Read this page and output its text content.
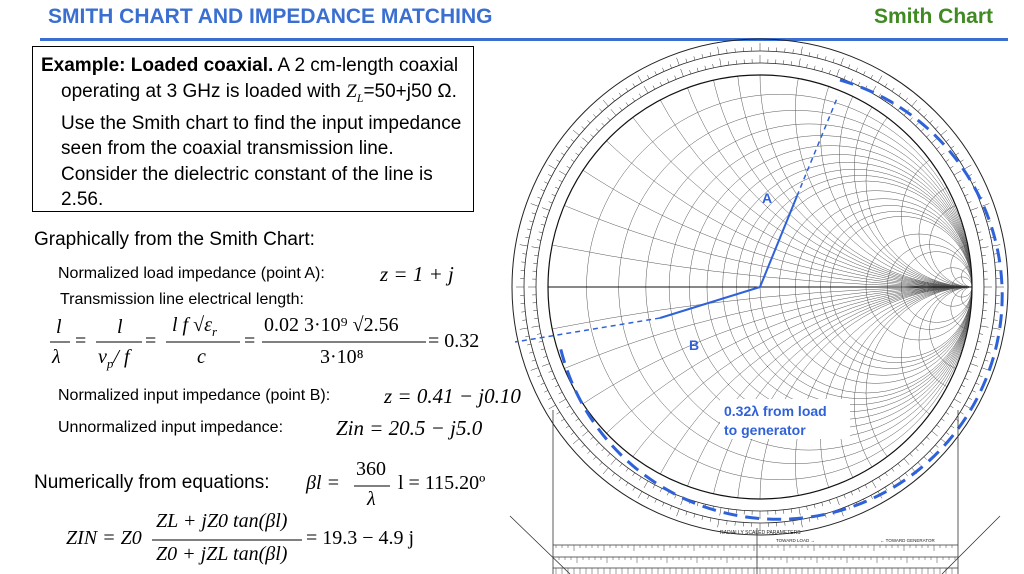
SMITH CHART AND IMPEDANCE MATCHING	Smith Chart
Example: Loaded coaxial. A 2 cm-length coaxial operating at 3 GHz is loaded with $Z_L=50+j50$ Ω. Use the Smith chart to find the input impedance seen from the coaxial transmission line. Consider the dielectric constant of the line is 2.56.
Graphically from the Smith Chart:
Normalized load impedance (point A):	z = 1 + j
Transmission line electrical length:
l
λ
=
l
$v_p/$ f
=
l f $√\varepsilon_r$
c
=
0.02 3·10⁹ √2.56
3·10⁸
= 0.32
Normalized input impedance (point B):	z = 0.41 − j0.10
Unnormalized input impedance:	Zin = 20.5 − j5.0
Numerically from equations: βl =
360
λ
l = 115.20º
ZIN = Z0
ZL + jZ0 tan(βl)
Z0 + jZL tan(βl)
= 19.3 − 4.9 j
A
B
0.32λ from load
to generator
RADIALLY SCALED PARAMETERS
TOWARD LOAD →	← TOWARD GENERATOR
